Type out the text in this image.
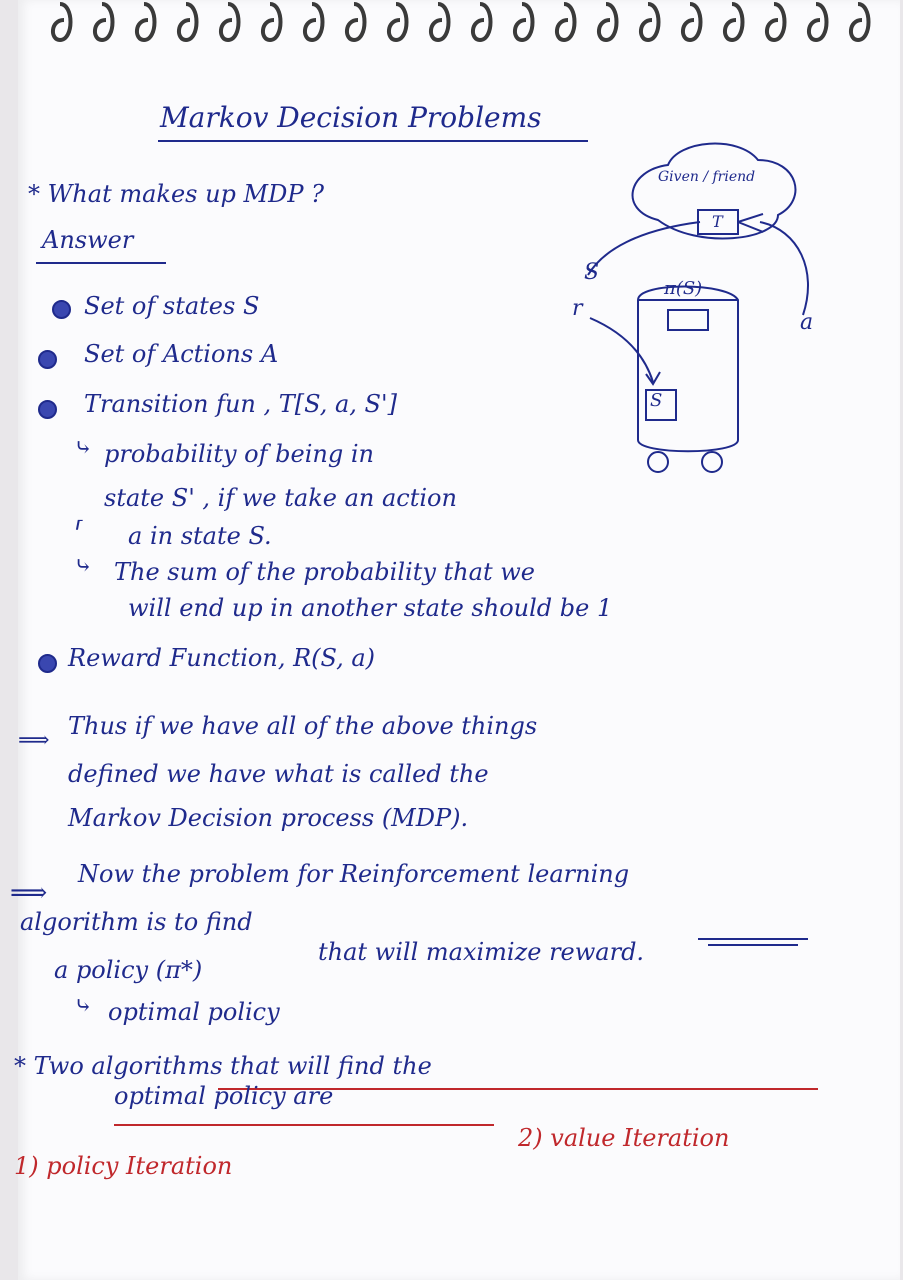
Markov Decision Problems
* What makes up MDP ?
Answer
Set of states S
Set of Actions A
Transition fun , T[S, a, S']
⤷ probability of being in
state S' , if we take an action
⸢ a in state S.
⤷ The sum of the probability that we
will end up in another state should be 1
Reward Function, R(S, a)
⟹
Thus if we have all of the above things
defined we have what is called the
Markov Decision process (MDP).
⟹
Now the problem for Reinforcement learning
algorithm is to find
a policy (π*)
that will maximize reward.
⤷ optimal policy
* Two algorithms that will find the
optimal policy are
1) policy Iteration
2) value Iteration
Given / friend
T
π(S)
S
S
r
a
